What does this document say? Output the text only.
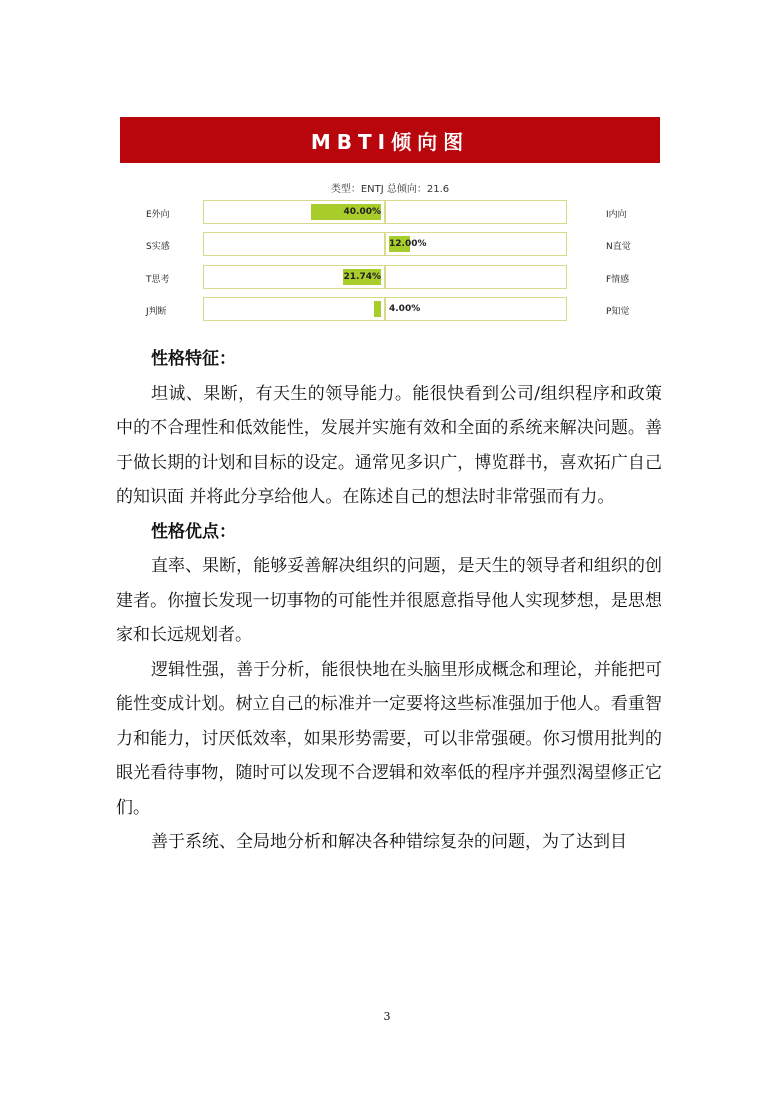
MBTI倾向图
类型：ENTJ 总倾向：21.6
E外向	40.00%	I内向
S实感	12.00%	N直觉
T思考	21.74%	F情感
J判断	4.00%	P知觉
性格特征：
坦诚、果断，有天生的领导能力。能很快看到公司/组织程序和政策中的不合理性和低效能性，发展并实施有效和全面的系统来解决问题。善于做长期的计划和目标的设定。通常见多识广，博览群书，喜欢拓广自己的知识面 并将此分享给他人。在陈述自己的想法时非常强而有力。
性格优点：
直率、果断，能够妥善解决组织的问题，是天生的领导者和组织的创建者。你擅长发现一切事物的可能性并很愿意指导他人实现梦想，是思想家和长远规划者。
逻辑性强，善于分析，能很快地在头脑里形成概念和理论，并能把可能性变成计划。树立自己的标准并一定要将这些标准强加于他人。看重智力和能力，讨厌低效率，如果形势需要，可以非常强硬。你习惯用批判的眼光看待事物，随时可以发现不合逻辑和效率低的程序并强烈渴望修正它们。
善于系统、全局地分析和解决各种错综复杂的问题，为了达到目
3
